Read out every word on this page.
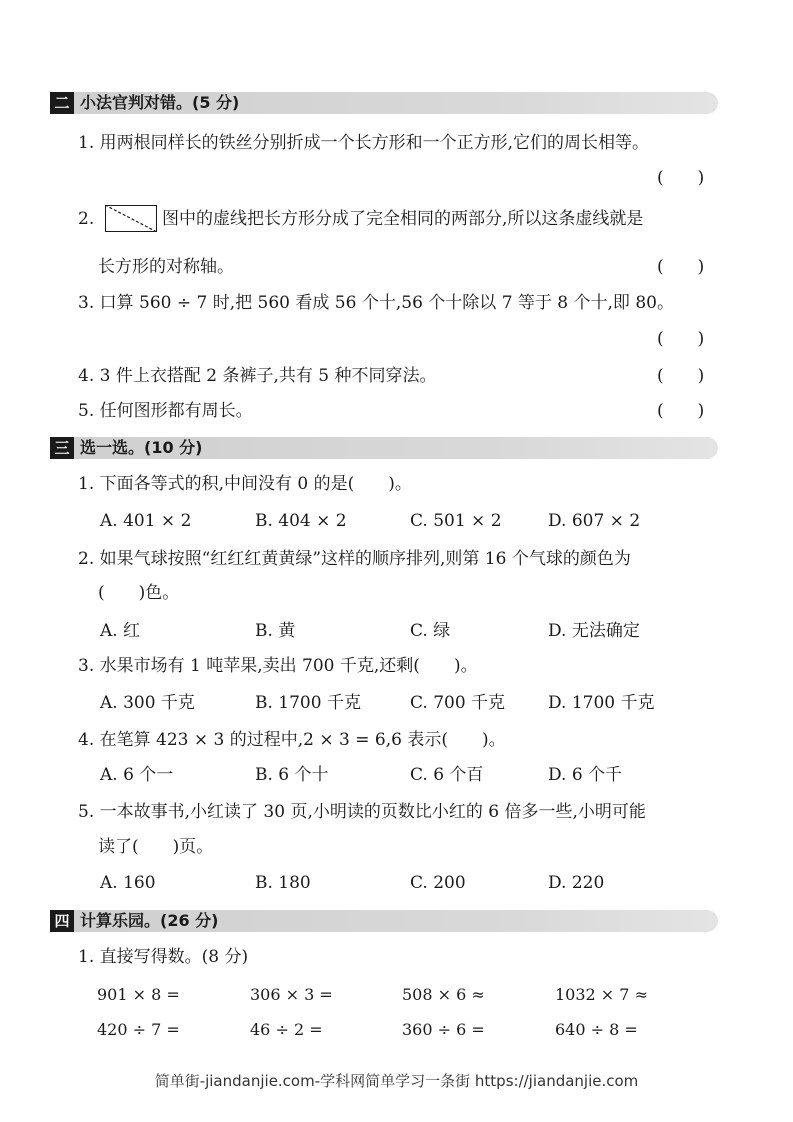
二 小法官判对错。(5 分)
1. 用两根同样长的铁丝分别折成一个长方形和一个正方形,它们的周长相等。
(　　)
2.	图中的虚线把长方形分成了完全相同的两部分,所以这条虚线就是
长方形的对称轴。	(　　)
3. 口算 560 ÷ 7 时,把 560 看成 56 个十,56 个十除以 7 等于 8 个十,即 80。
(　　)
4. 3 件上衣搭配 2 条裤子,共有 5 种不同穿法。	(　　)
5. 任何图形都有周长。	(　　)
三 选一选。(10 分)
1. 下面各等式的积,中间没有 0 的是(　　)。
A. 401 × 2	B. 404 × 2	C. 501 × 2	D. 607 × 2
2. 如果气球按照“红红红黄黄绿”这样的顺序排列,则第 16 个气球的颜色为
(　　)色。
A. 红	B. 黄	C. 绿	D. 无法确定
3. 水果市场有 1 吨苹果,卖出 700 千克,还剩(　　)。
A. 300 千克	B. 1700 千克	C. 700 千克	D. 1700 千克
4. 在笔算 423 × 3 的过程中,2 × 3 = 6,6 表示(　　)。
A. 6 个一	B. 6 个十	C. 6 个百	D. 6 个千
5. 一本故事书,小红读了 30 页,小明读的页数比小红的 6 倍多一些,小明可能
读了(　　)页。
A. 160	B. 180	C. 200	D. 220
四 计算乐园。(26 分)
1. 直接写得数。(8 分)
901 × 8 =	306 × 3 =	508 × 6 ≈	1032 × 7 ≈
420 ÷ 7 =	46 ÷ 2 =	360 ÷ 6 =	640 ÷ 8 =
简单街-jiandanjie.com-学科网简单学习一条街 https://jiandanjie.com
